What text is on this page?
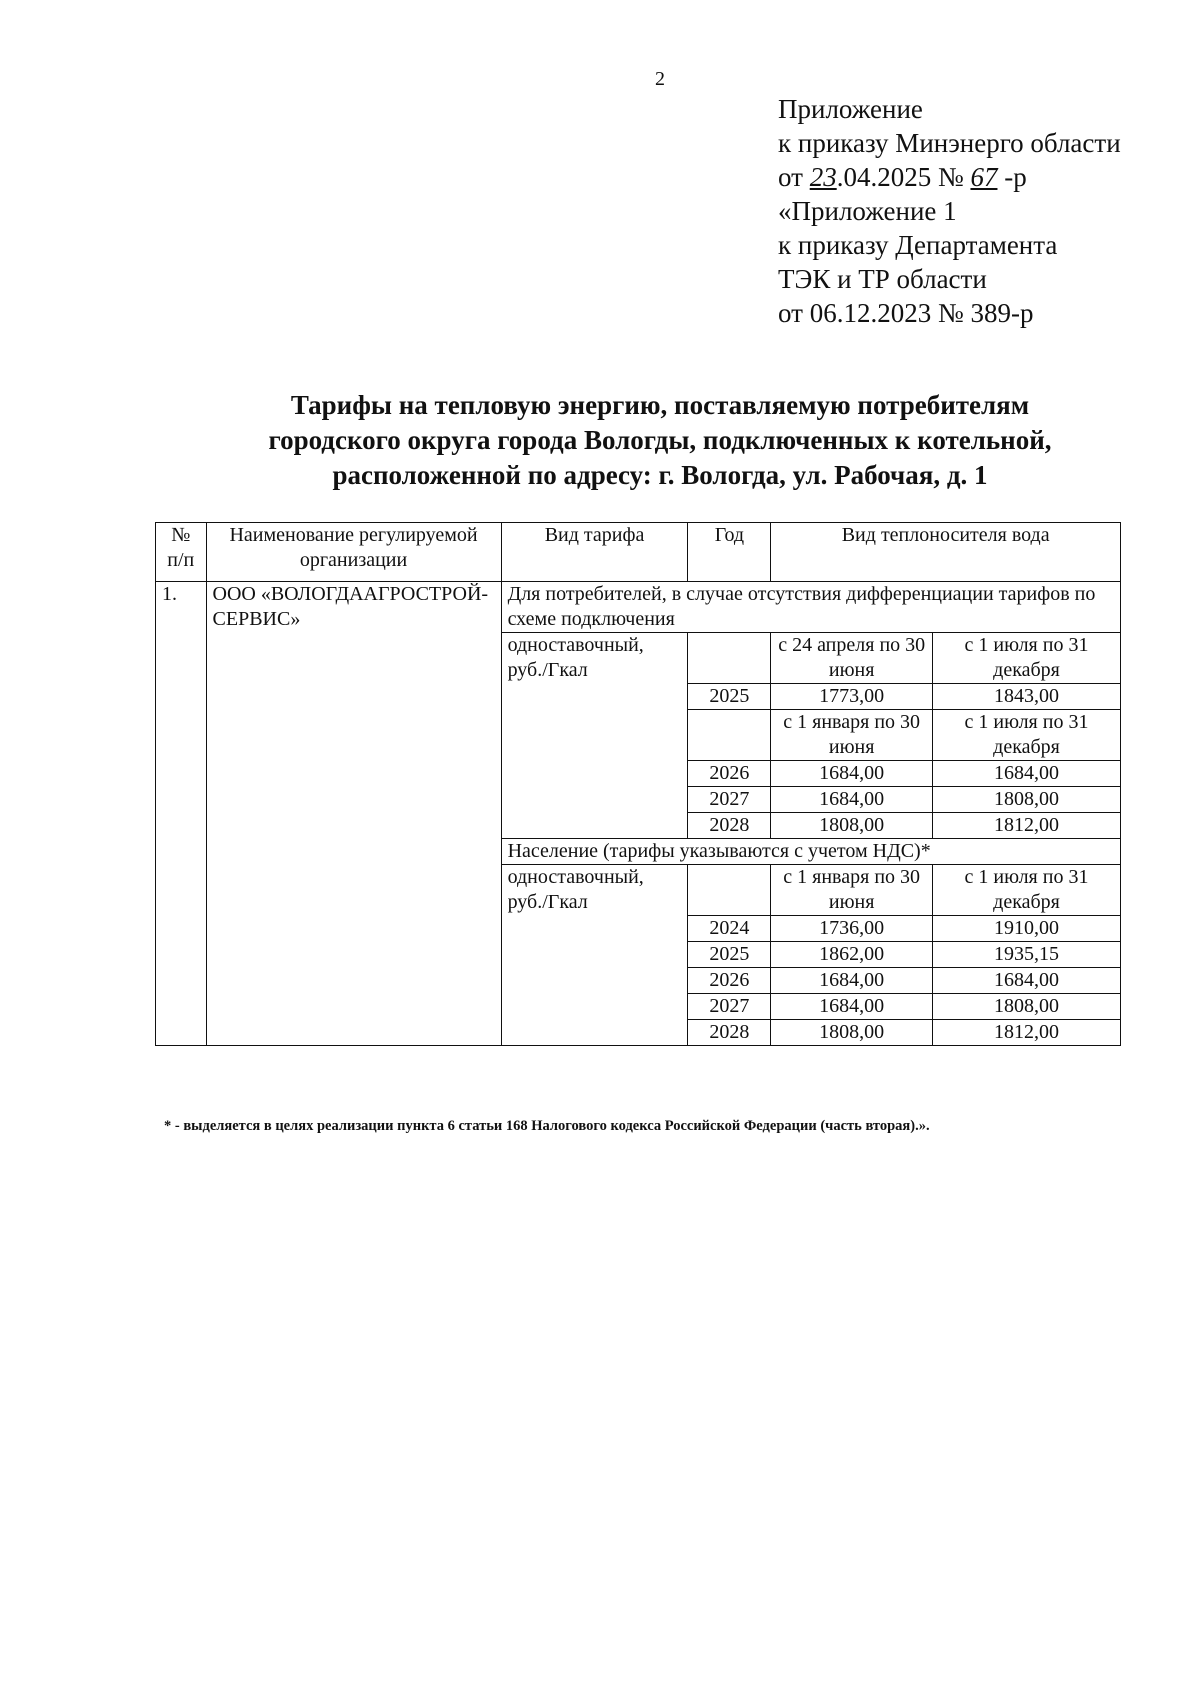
2
Приложение
к приказу Минэнерго области
от 23.04.2025 № 67 -р
«Приложение 1
к приказу Департамента
ТЭК и ТР области
от 06.12.2023 № 389-р
Тарифы на тепловую энергию, поставляемую потребителям
городского округа города Вологды, подключенных к котельной,
расположенной по адресу: г. Вологда, ул. Рабочая, д. 1
№ п/п	Наименование регулируемой организации	Вид тарифа	Год	Вид теплоносителя вода	
1.	ООО «ВОЛОГДААГРОСТРОЙ-СЕРВИС»	Для потребителей, в случае отсутствия дифференциации тарифов по схеме подключения			
		одноставочный, руб./Гкал		с 24 апреля по 30 июня	с 1 июля по 31 декабря
			2025	1773,00	1843,00
				с 1 января по 30 июня	с 1 июля по 31 декабря
			2026	1684,00	1684,00
			2027	1684,00	1808,00
			2028	1808,00	1812,00
		Население (тарифы указываются с учетом НДС)*			
		одноставочный, руб./Гкал		с 1 января по 30 июня	с 1 июля по 31 декабря
			2024	1736,00	1910,00
			2025	1862,00	1935,15
			2026	1684,00	1684,00
			2027	1684,00	1808,00
			2028	1808,00	1812,00
* - выделяется в целях реализации пункта 6 статьи 168 Налогового кодекса Российской Федерации (часть вторая).».
